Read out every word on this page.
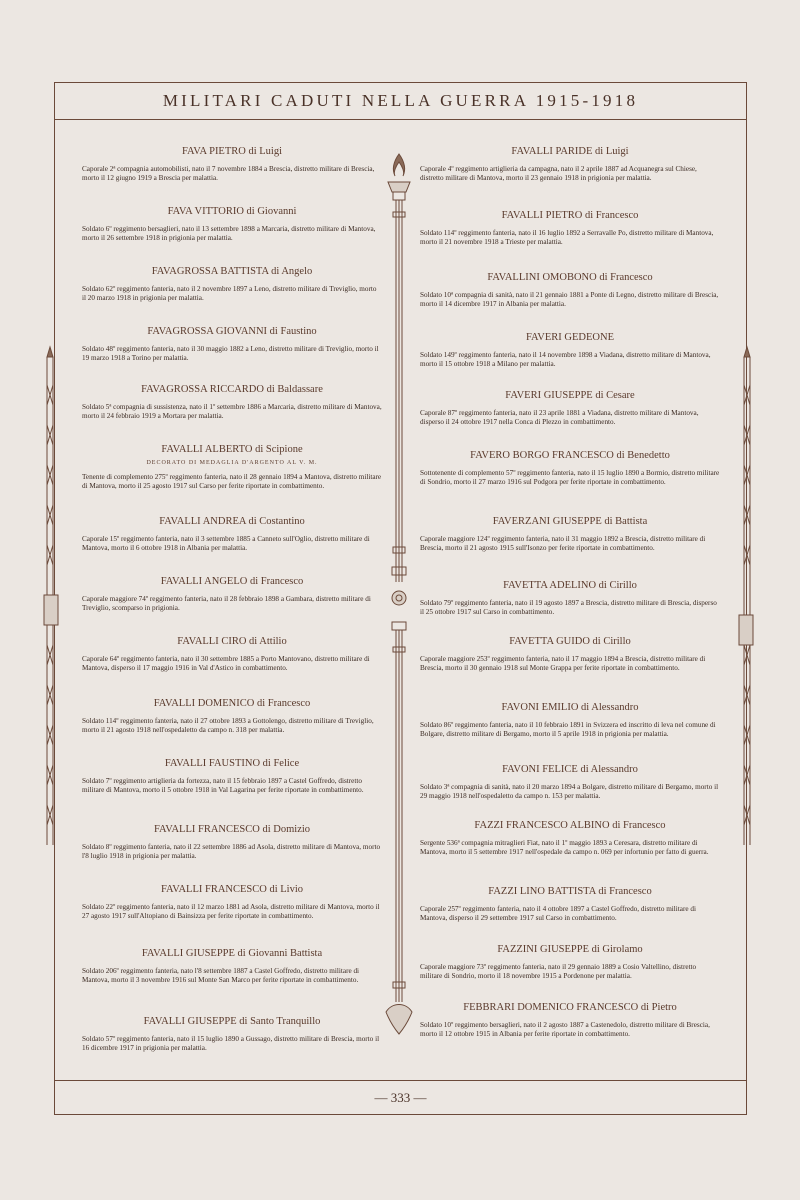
MILITARI CADUTI NELLA GUERRA 1915-1918
FAVA PIETRO di Luigi
Caporale 2ª compagnia automobilisti, nato il 7 novembre 1884 a Brescia, distretto militare di Brescia, morto il 12 giugno 1919 a Brescia per malattia.
FAVA VITTORIO di Giovanni
Soldato 6º reggimento bersaglieri, nato il 13 settembre 1898 a Marcaria, distretto militare di Mantova, morto il 26 settembre 1918 in prigionia per malattia.
FAVAGROSSA BATTISTA di Angelo
Soldato 62º reggimento fanteria, nato il 2 novembre 1897 a Leno, distretto militare di Treviglio, morto il 20 marzo 1918 in prigionia per malattia.
FAVAGROSSA GIOVANNI di Faustino
Soldato 48º reggimento fanteria, nato il 30 maggio 1882 a Leno, distretto militare di Treviglio, morto il 19 marzo 1918 a Torino per malattia.
FAVAGROSSA RICCARDO di Baldassare
Soldato 5ª compagnia di sussistenza, nato il 1º settembre 1886 a Marcaria, distretto militare di Mantova, morto il 24 febbraio 1919 a Mortara per malattia.
FAVALLI ALBERTO di Scipione
DECORATO DI MEDAGLIA D'ARGENTO AL V. M.
Tenente di complemento 275º reggimento fanteria, nato il 28 gennaio 1894 a Mantova, distretto militare di Mantova, morto il 25 agosto 1917 sul Carso per ferite riportate in combattimento.
FAVALLI ANDREA di Costantino
Caporale 15º reggimento fanteria, nato il 3 settembre 1885 a Canneto sull'Oglio, distretto militare di Mantova, morto il 6 ottobre 1918 in Albania per malattia.
FAVALLI ANGELO di Francesco
Caporale maggiore 74º reggimento fanteria, nato il 28 febbraio 1898 a Gambara, distretto militare di Treviglio, scomparso in prigionia.
FAVALLI CIRO di Attilio
Caporale 64º reggimento fanteria, nato il 30 settembre 1885 a Porto Mantovano, distretto militare di Mantova, disperso il 17 maggio 1916 in Val d'Astico in combattimento.
FAVALLI DOMENICO di Francesco
Soldato 114º reggimento fanteria, nato il 27 ottobre 1893 a Gottolengo, distretto militare di Treviglio, morto il 21 agosto 1918 nell'ospedaletto da campo n. 318 per malattia.
FAVALLI FAUSTINO di Felice
Soldato 7º reggimento artiglieria da fortezza, nato il 15 febbraio 1897 a Castel Goffredo, distretto militare di Mantova, morto il 5 ottobre 1918 in Val Lagarina per ferite riportate in combattimento.
FAVALLI FRANCESCO di Domizio
Soldato 8º reggimento fanteria, nato il 22 settembre 1886 ad Asola, distretto militare di Mantova, morto l'8 luglio 1918 in prigionia per malattia.
FAVALLI FRANCESCO di Livio
Soldato 22º reggimento fanteria, nato il 12 marzo 1881 ad Asola, distretto militare di Mantova, morto il 27 agosto 1917 sull'Altopiano di Bainsizza per ferite riportate in combattimento.
FAVALLI GIUSEPPE di Giovanni Battista
Soldato 206º reggimento fanteria, nato l'8 settembre 1887 a Castel Goffredo, distretto militare di Mantova, morto il 3 novembre 1916 sul Monte San Marco per ferite riportate in combattimento.
FAVALLI GIUSEPPE di Santo Tranquillo
Soldato 57º reggimento fanteria, nato il 15 luglio 1890 a Gussago, distretto militare di Brescia, morto il 16 dicembre 1917 in prigionia per malattia.
FAVALLI PARIDE di Luigi
Caporale 4º reggimento artiglieria da campagna, nato il 2 aprile 1887 ad Acquanegra sul Chiese, distretto militare di Mantova, morto il 23 gennaio 1918 in prigionia per malattia.
FAVALLI PIETRO di Francesco
Soldato 114º reggimento fanteria, nato il 16 luglio 1892 a Serravalle Po, distretto militare di Mantova, morto il 21 novembre 1918 a Trieste per malattia.
FAVALLINI OMOBONO di Francesco
Soldato 10ª compagnia di sanità, nato il 21 gennaio 1881 a Ponte di Legno, distretto militare di Brescia, morto il 14 dicembre 1917 in Albania per malattia.
FAVERI GEDEONE
Soldato 149º reggimento fanteria, nato il 14 novembre 1898 a Viadana, distretto militare di Mantova, morto il 15 ottobre 1918 a Milano per malattia.
FAVERI GIUSEPPE di Cesare
Caporale 87º reggimento fanteria, nato il 23 aprile 1881 a Viadana, distretto militare di Mantova, disperso il 24 ottobre 1917 nella Conca di Plezzo in combattimento.
FAVERO BORGO FRANCESCO di Benedetto
Sottotenente di complemento 57º reggimento fanteria, nato il 15 luglio 1890 a Bormio, distretto militare di Sondrio, morto il 27 marzo 1916 sul Podgora per ferite riportate in combattimento.
FAVERZANI GIUSEPPE di Battista
Caporale maggiore 124º reggimento fanteria, nato il 31 maggio 1892 a Brescia, distretto militare di Brescia, morto il 21 agosto 1915 sull'Isonzo per ferite riportate in combattimento.
FAVETTA ADELINO di Cirillo
Soldato 79º reggimento fanteria, nato il 19 agosto 1897 a Brescia, distretto militare di Brescia, disperso il 25 ottobre 1917 sul Carso in combattimento.
FAVETTA GUIDO di Cirillo
Caporale maggiore 253º reggimento fanteria, nato il 17 maggio 1894 a Brescia, distretto militare di Brescia, morto il 30 gennaio 1918 sul Monte Grappa per ferite riportate in combattimento.
FAVONI EMILIO di Alessandro
Soldato 86º reggimento fanteria, nato il 10 febbraio 1891 in Svizzera ed inscritto di leva nel comune di Bolgare, distretto militare di Bergamo, morto il 5 aprile 1918 in prigionia per malattia.
FAVONI FELICE di Alessandro
Soldato 3ª compagnia di sanità, nato il 20 marzo 1894 a Bolgare, distretto militare di Bergamo, morto il 29 maggio 1918 nell'ospedaletto da campo n. 153 per malattia.
FAZZI FRANCESCO ALBINO di Francesco
Sergente 536ª compagnia mitraglieri Fiat, nato il 1º maggio 1893 a Ceresara, distretto militare di Mantova, morto il 5 settembre 1917 nell'ospedale da campo n. 069 per infortunio per fatto di guerra.
FAZZI LINO BATTISTA di Francesco
Caporale 257º reggimento fanteria, nato il 4 ottobre 1897 a Castel Goffredo, distretto militare di Mantova, disperso il 29 settembre 1917 sul Carso in combattimento.
FAZZINI GIUSEPPE di Girolamo
Caporale maggiore 73º reggimento fanteria, nato il 29 gennaio 1889 a Cosio Valtellino, distretto militare di Sondrio, morto il 18 novembre 1915 a Pordenone per malattia.
FEBBRARI DOMENICO FRANCESCO di Pietro
Soldato 10º reggimento bersaglieri, nato il 2 agosto 1887 a Castenedolo, distretto militare di Brescia, morto il 12 ottobre 1915 in Albania per ferite riportate in combattimento.
— 333 —
